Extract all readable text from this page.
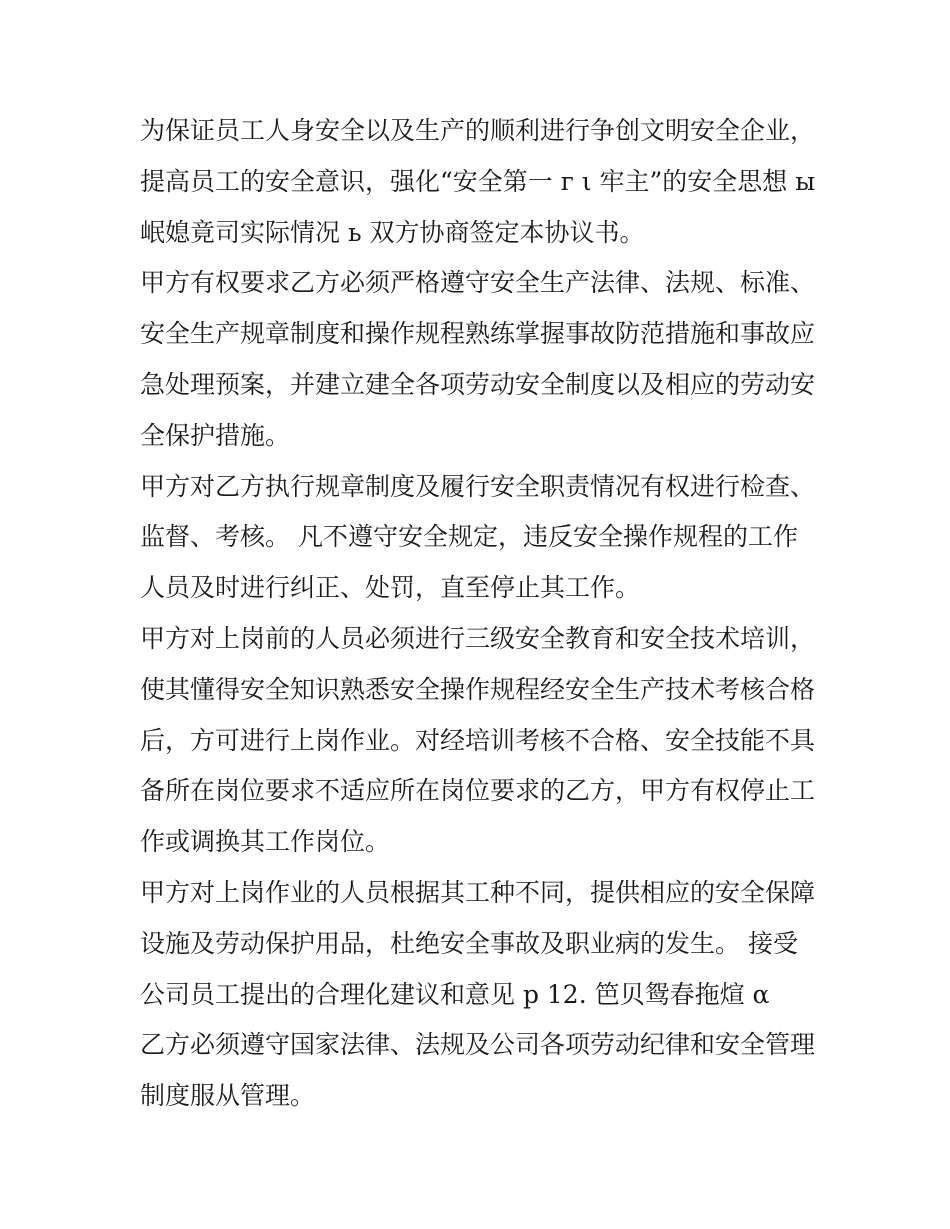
为保证员工人身安全以及生产的顺利进行争创文明安全企业，
提高员工的安全意识，强化“安全第一 г ι 牢主”的安全思想 ы
岷媳竟司实际情况 ь 双方协商签定本协议书。
甲方有权要求乙方必须严格遵守安全生产法律、法规、标准、
安全生产规章制度和操作规程熟练掌握事故防范措施和事故应
急处理预案，并建立建全各项劳动安全制度以及相应的劳动安
全保护措施。
甲方对乙方执行规章制度及履行安全职责情况有权进行检查、
监督、考核。 凡不遵守安全规定，违反安全操作规程的工作
人员及时进行纠正、处罚，直至停止其工作。
甲方对上岗前的人员必须进行三级安全教育和安全技术培训，
使其懂得安全知识熟悉安全操作规程经安全生产技术考核合格
后，方可进行上岗作业。对经培训考核不合格、安全技能不具
备所在岗位要求不适应所在岗位要求的乙方，甲方有权停止工
作或调换其工作岗位。
甲方对上岗作业的人员根据其工种不同，提供相应的安全保障
设施及劳动保护用品，杜绝安全事故及职业病的发生。 接受
公司员工提出的合理化建议和意见 p 12. 笆贝鸳春拖煊 α
乙方必须遵守国家法律、法规及公司各项劳动纪律和安全管理
制度服从管理。
